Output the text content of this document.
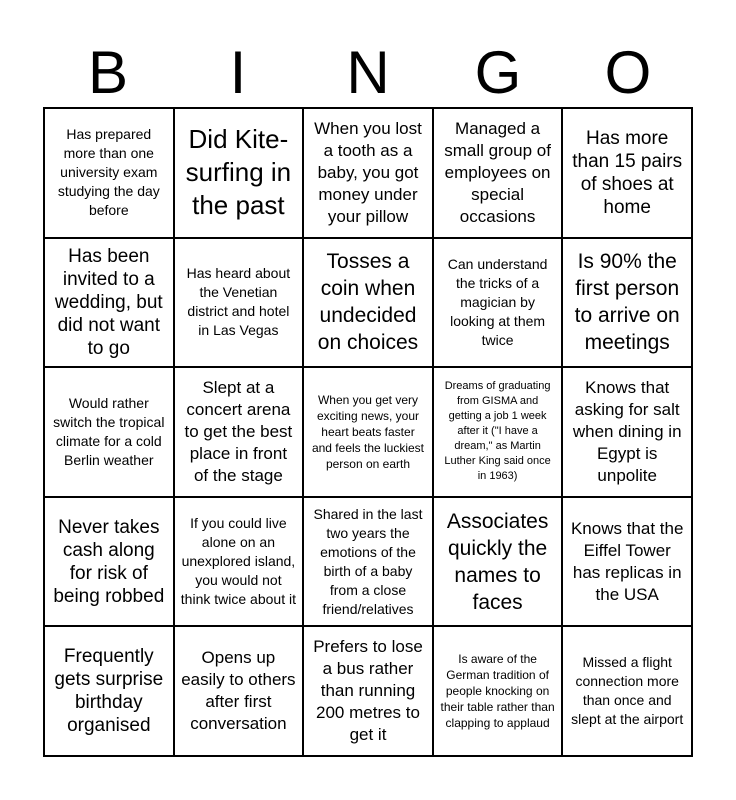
B	I	N	G	O
Has prepared more than one university exam studying the day before
Did Kite-surfing in the past
When you lost a tooth as a baby, you got money under your pillow
Managed a small group of employees on special occasions
Has more than 15 pairs of shoes at home
Has been invited to a wedding, but did not want to go
Has heard about the Venetian district and hotel in Las Vegas
Tosses a coin when undecided on choices
Can understand the tricks of a magician by looking at them twice
Is 90% the first person to arrive on meetings
Would rather switch the tropical climate for a cold Berlin weather
Slept at a concert arena to get the best place in front of the stage
When you get very exciting news, your heart beats faster and feels the luckiest person on earth
Dreams of graduating from GISMA and getting a job 1 week after it ("I have a dream," as Martin Luther King said once in 1963)
Knows that asking for salt when dining in Egypt is unpolite
Never takes cash along for risk of being robbed
If you could live alone on an unexplored island, you would not think twice about it
Shared in the last two years the emotions of the birth of a baby from a close friend/relatives
Associates quickly the names to faces
Knows that the Eiffel Tower has replicas in the USA
Frequently gets surprise birthday organised
Opens up easily to others after first conversation
Prefers to lose a bus rather than running 200 metres to get it
Is aware of the German tradition of people knocking on their table rather than clapping to applaud
Missed a flight connection more than once and slept at the airport
